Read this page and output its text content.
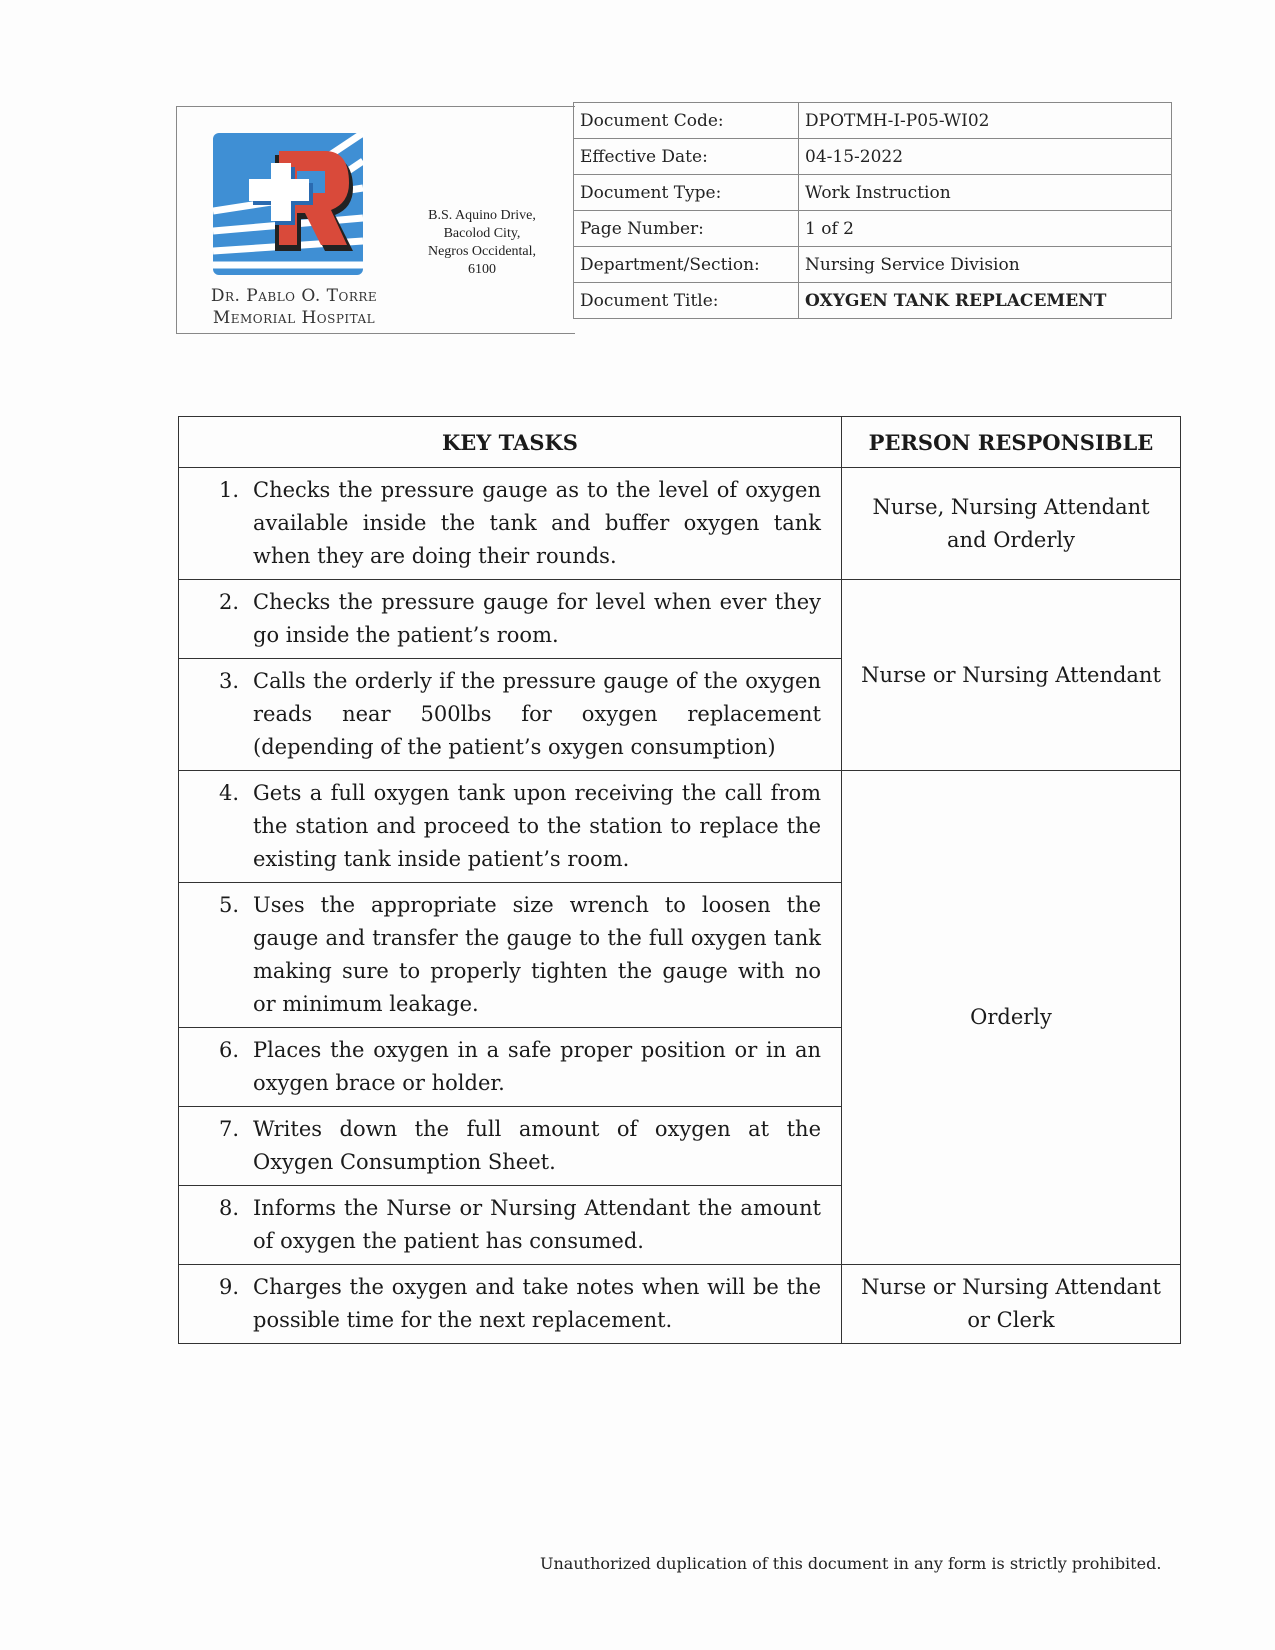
Dr. Pablo O. Torre
Memorial Hospital
B.S. Aquino Drive,
Bacolod City,
Negros Occidental,
6100
Document Code:	DPOTMH-I-P05-WI02
Effective Date:	04-15-2022
Document Type:	Work Instruction
Page Number:	1 of 2
Department/Section:	Nursing Service Division
Document Title:	OXYGEN TANK REPLACEMENT
KEY TASKS	PERSON RESPONSIBLE

1. Checks the pressure gauge as to the level of oxygen available inside the tank and buffer oxygen tank when they are doing their rounds.	Nurse, Nursing Attendant
and Orderly

2. Checks the pressure gauge for level when ever they go inside the patient’s room.	Nurse or Nursing Attendant

3. Calls the orderly if the pressure gauge of the oxygen reads near 500lbs for oxygen replacement (depending of the patient’s oxygen consumption)	

4. Gets a full oxygen tank upon receiving the call from the station and proceed to the station to replace the existing tank inside patient’s room.	Orderly

5. Uses the appropriate size wrench to loosen the gauge and transfer the gauge to the full oxygen tank making sure to properly tighten the gauge with no or minimum leakage.	

6. Places the oxygen in a safe proper position or in an oxygen brace or holder.	

7. Writes down the full amount of oxygen at the Oxygen Consumption Sheet.	

8. Informs the Nurse or Nursing Attendant the amount of oxygen the patient has consumed.	

9. Charges the oxygen and take notes when will be the possible time for the next replacement.	Nurse or Nursing Attendant
or Clerk
Unauthorized duplication of this document in any form is strictly prohibited.
